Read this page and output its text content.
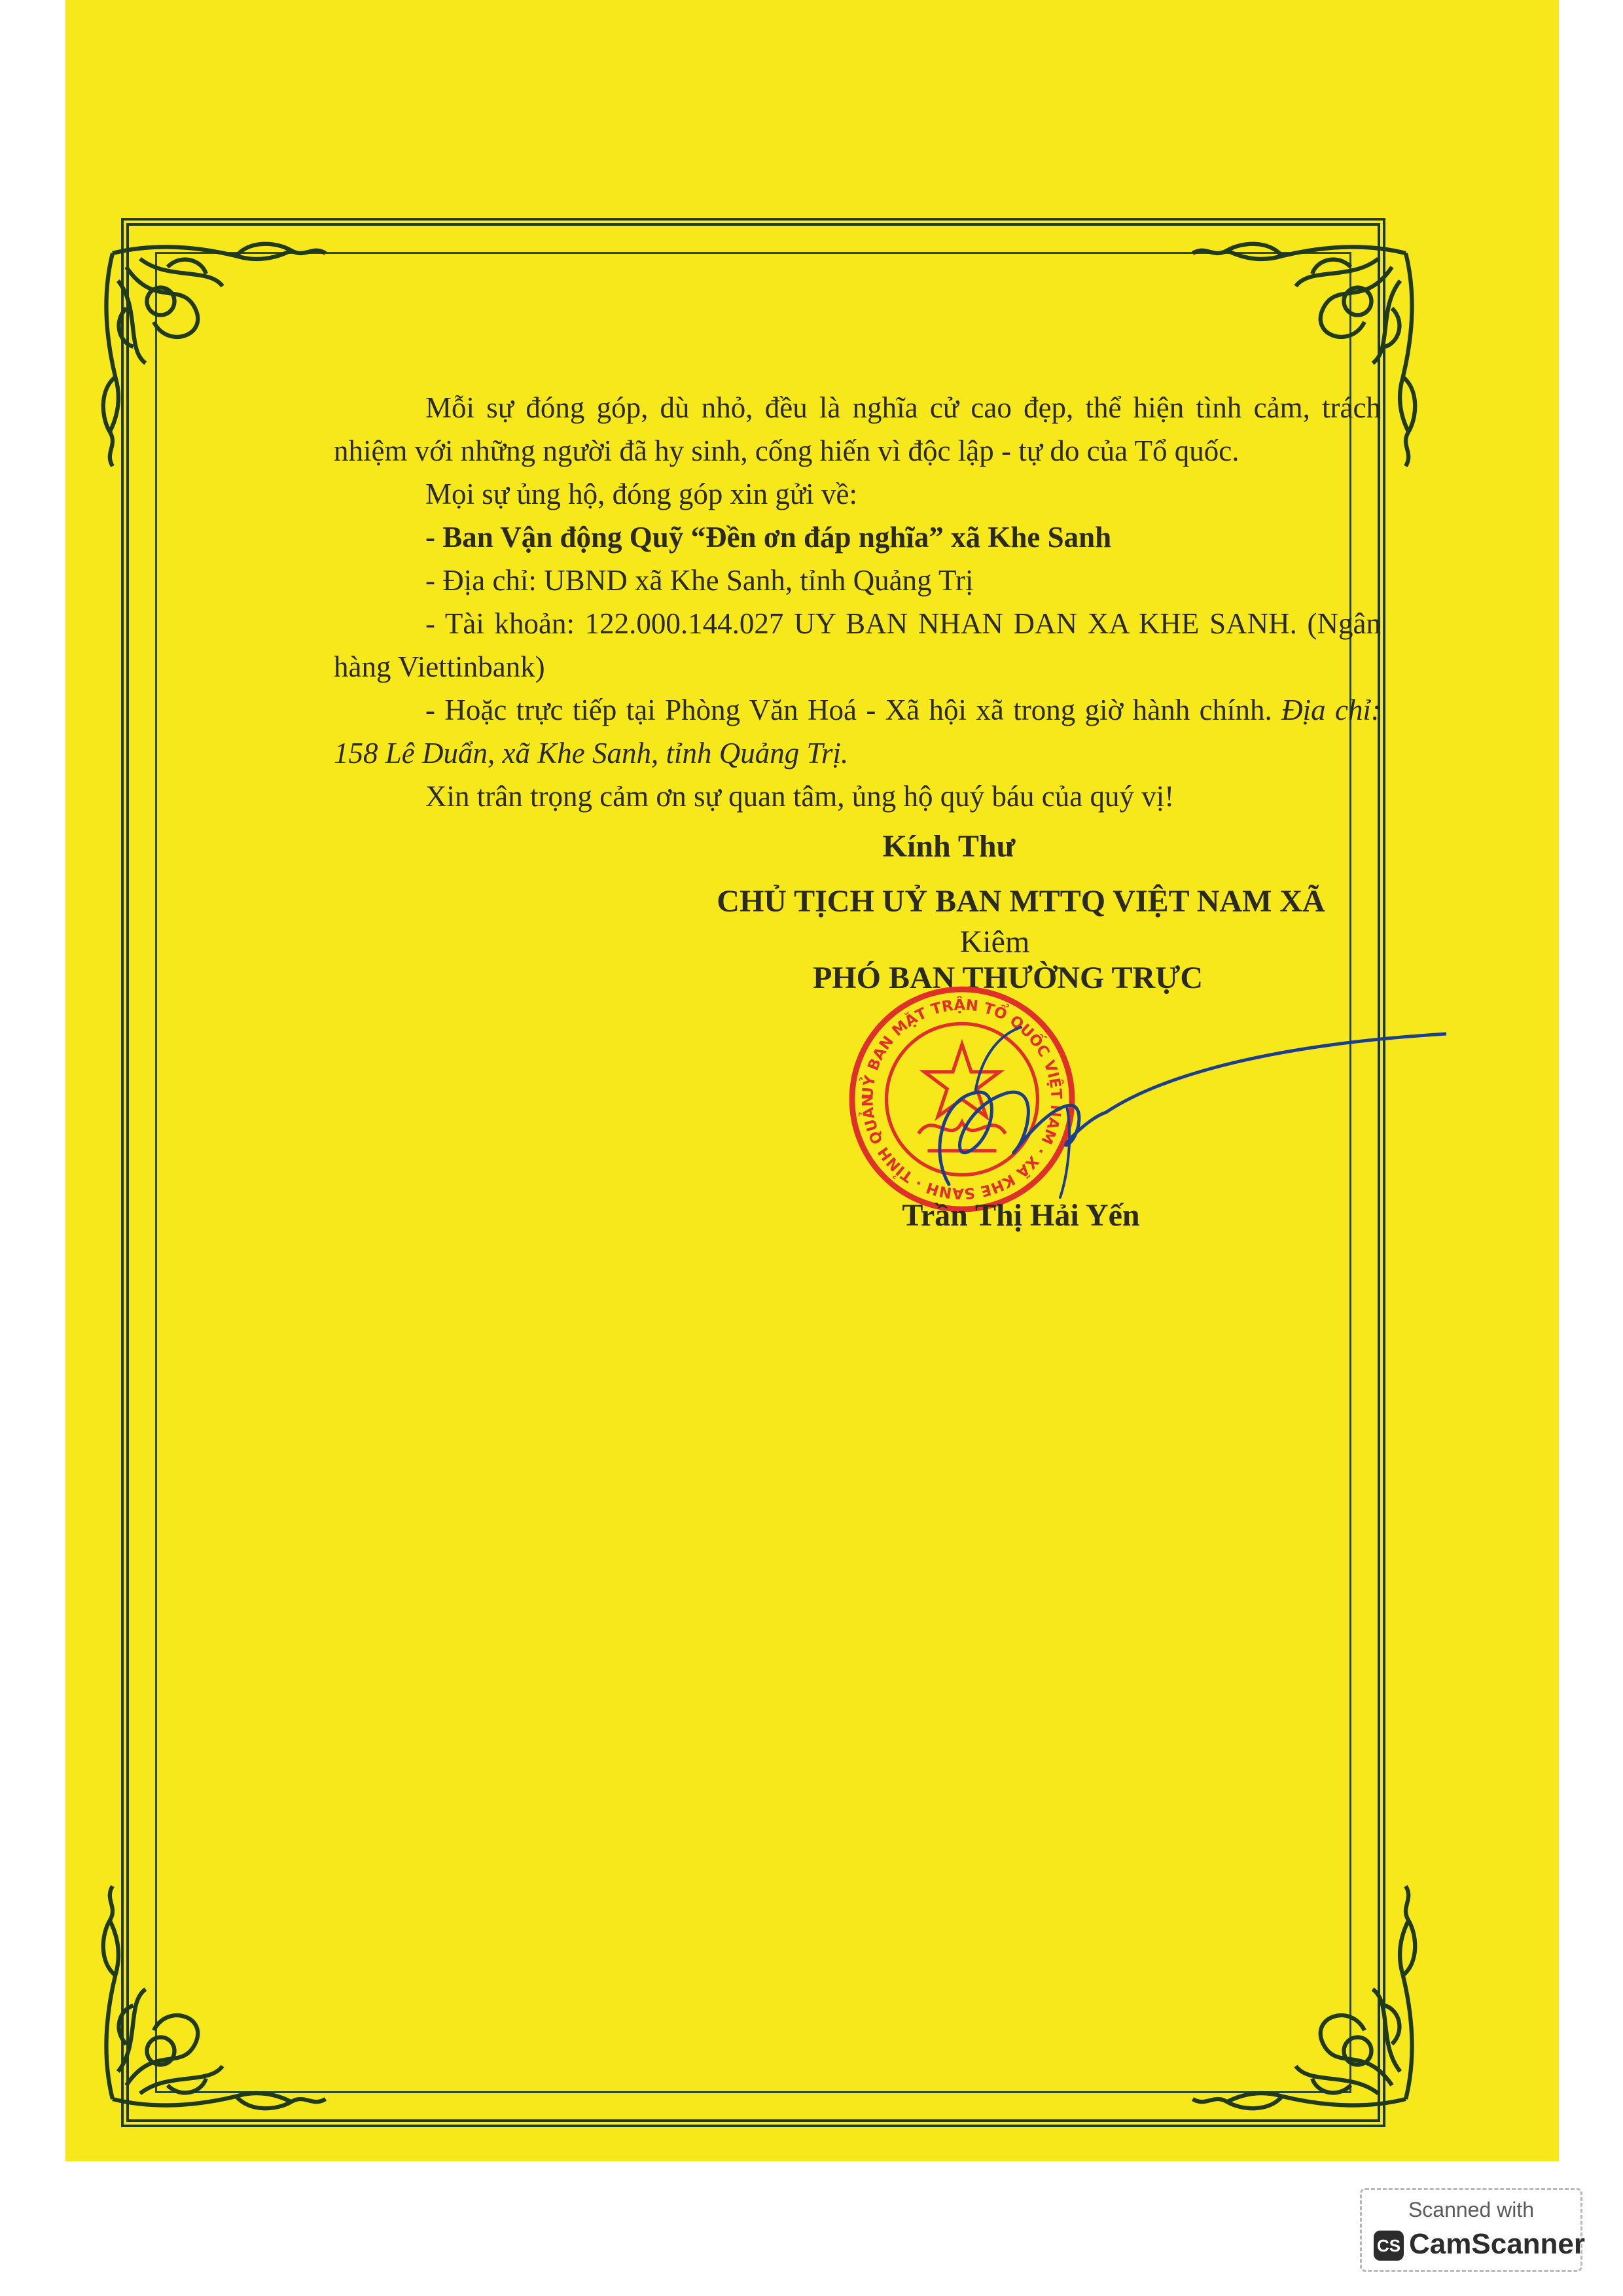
Mỗi sự đóng góp, dù nhỏ, đều là nghĩa cử cao đẹp, thể hiện tình cảm, trách nhiệm với những người đã hy sinh, cống hiến vì độc lập - tự do của Tổ quốc.

Mọi sự ủng hộ, đóng góp xin gửi về:

- Ban Vận động Quỹ “Đền ơn đáp nghĩa” xã Khe Sanh

- Địa chỉ: UBND xã Khe Sanh, tỉnh Quảng Trị

- Tài khoản: 122.000.144.027 UY BAN NHAN DAN XA KHE SANH. (Ngân hàng Viettinbank)

- Hoặc trực tiếp tại Phòng Văn Hoá - Xã hội xã trong giờ hành chính. Địa chỉ: 158 Lê Duẩn, xã Khe Sanh, tỉnh Quảng Trị.

Xin trân trọng cảm ơn sự quan tâm, ủng hộ quý báu của quý vị!

Kính Thư
CHỦ TỊCH UỶ BAN MTTQ VIỆT NAM XÃ
Kiêm
PHÓ BAN THƯỜNG TRỰC
UỶ BAN MẶT TRẬN TỔ QUỐC VIỆT NAM · XÃ KHE SANH · TỈNH QUẢN
Trần Thị Hải Yến
Scanned with
CS CamScanner
